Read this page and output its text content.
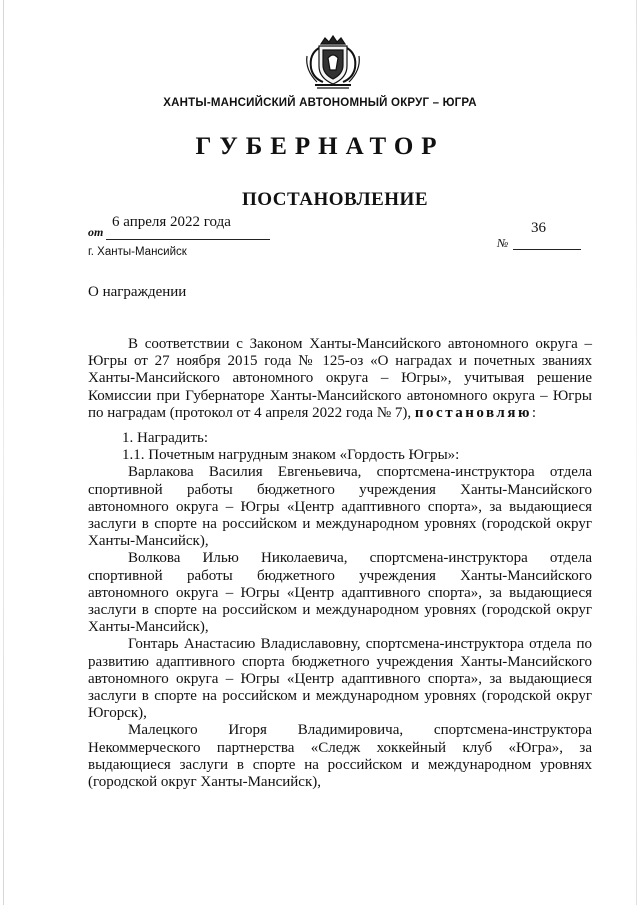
ХАНТЫ-МАНСИЙСКИЙ АВТОНОМНЫЙ ОКРУГ – ЮГРА
ГУБЕРНАТОР
ПОСТАНОВЛЕНИЕ
6 апреля 2022 года
от	36
№
г. Ханты-Мансийск
О награждении

В соответствии с Законом Ханты-Мансийского автономного округа – Югры от 27 ноября 2015 года № 125-оз «О наградах и почетных званиях Ханты-Мансийского автономного округа – Югры», учитывая решение Комиссии при Губернаторе Ханты-Мансийского автономного округа – Югры по наградам (протокол от 4 апреля 2022 года № 7), постановляю:

1. Наградить:

1.1. Почетным нагрудным знаком «Гордость Югры»:

Варлакова Василия Евгеньевича, спортсмена-инструктора отдела спортивной работы бюджетного учреждения Ханты-Мансийского автономного округа – Югры «Центр адаптивного спорта», за выдающиеся заслуги в спорте на российском и международном уровнях (городской округ Ханты-Мансийск),

Волкова Илью Николаевича, спортсмена-инструктора отдела спортивной работы бюджетного учреждения Ханты-Мансийского автономного округа – Югры «Центр адаптивного спорта», за выдающиеся заслуги в спорте на российском и международном уровнях (городской округ Ханты-Мансийск),

Гонтарь Анастасию Владиславовну, спортсмена-инструктора отдела по развитию адаптивного спорта бюджетного учреждения Ханты-Мансийского автономного округа – Югры «Центр адаптивного спорта», за выдающиеся заслуги в спорте на российском и международном уровнях (городской округ Югорск),

Малецкого Игоря Владимировича, спортсмена-инструктора Некоммерческого партнерства «Следж хоккейный клуб «Югра», за выдающиеся заслуги в спорте на российском и международном уровнях (городской округ Ханты-Мансийск),
